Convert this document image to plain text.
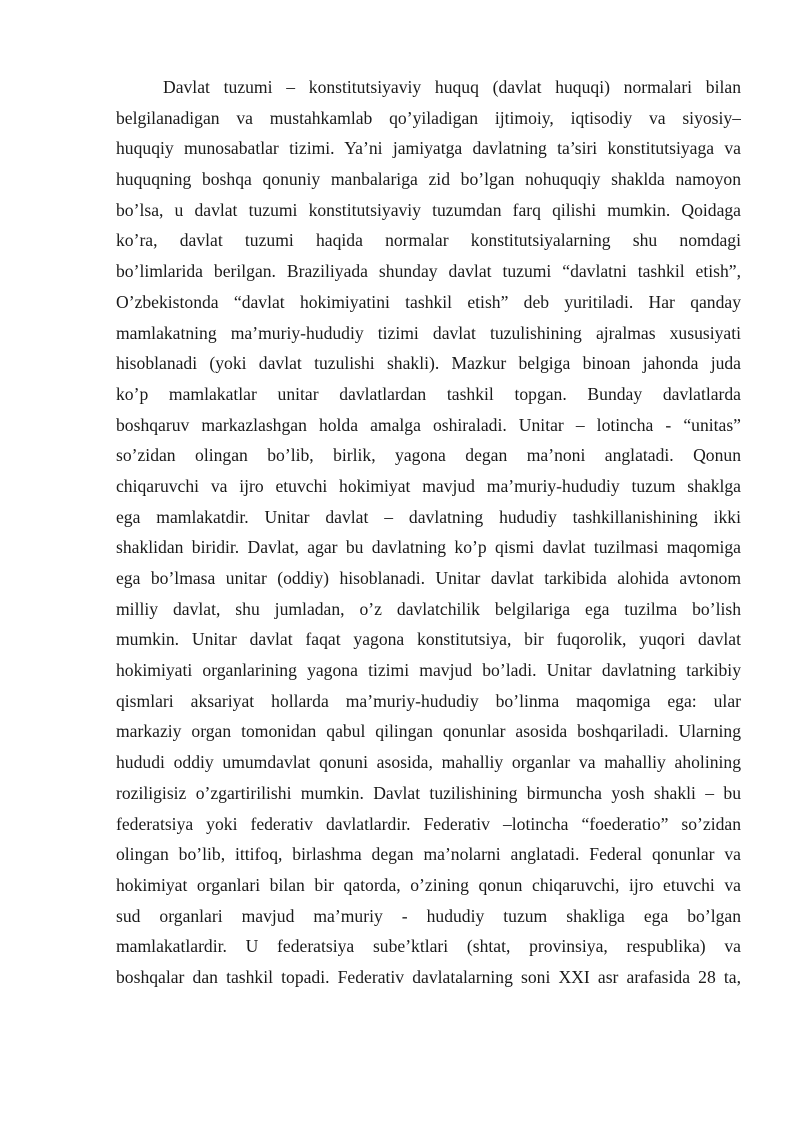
Davlat tuzumi – konstitutsiyaviy huquq (davlat huquqi) normalari bilan
belgilanadigan va mustahkamlab qo’yiladigan ijtimoiy, iqtisodiy va siyosiy–
huquqiy munosabatlar tizimi. Ya’ni jamiyatga davlatning ta’siri konstitutsiyaga va
huquqning boshqa qonuniy manbalariga zid bo’lgan nohuquqiy shaklda namoyon
bo’lsa, u davlat tuzumi konstitutsiyaviy tuzumdan farq qilishi mumkin. Qoidaga
ko’ra, davlat tuzumi haqida normalar konstitutsiyalarning shu nomdagi
bo’limlarida berilgan. Braziliyada shunday davlat tuzumi “davlatni tashkil etish”,
O’zbekistonda “davlat hokimiyatini tashkil etish” deb yuritiladi. Har qanday
mamlakatning ma’muriy-hududiy tizimi davlat tuzulishining ajralmas xususiyati
hisoblanadi (yoki davlat tuzulishi shakli). Mazkur belgiga binoan jahonda juda
ko’p mamlakatlar unitar davlatlardan tashkil topgan. Bunday davlatlarda
boshqaruv markazlashgan holda amalga oshiraladi. Unitar – lotincha - “unitas”
so’zidan olingan bo’lib, birlik, yagona degan ma’noni anglatadi. Qonun
chiqaruvchi va ijro etuvchi hokimiyat mavjud ma’muriy-hududiy tuzum shaklga
ega mamlakatdir. Unitar davlat – davlatning hududiy tashkillanishining ikki
shaklidan biridir. Davlat, agar bu davlatning ko’p qismi davlat tuzilmasi maqomiga
ega bo’lmasa unitar (oddiy) hisoblanadi. Unitar davlat tarkibida alohida avtonom
milliy davlat, shu jumladan, o’z davlatchilik belgilariga ega tuzilma bo’lish
mumkin. Unitar davlat faqat yagona konstitutsiya, bir fuqorolik, yuqori davlat
hokimiyati organlarining yagona tizimi mavjud bo’ladi. Unitar davlatning tarkibiy
qismlari aksariyat hollarda ma’muriy-hududiy bo’linma maqomiga ega: ular
markaziy organ tomonidan qabul qilingan qonunlar asosida boshqariladi. Ularning
hududi oddiy umumdavlat qonuni asosida, mahalliy organlar va mahalliy aholining
roziligisiz o’zgartirilishi mumkin. Davlat tuzilishining birmuncha yosh shakli – bu
federatsiya yoki federativ davlatlardir. Federativ –lotincha “foederatio” so’zidan
olingan bo’lib, ittifoq, birlashma degan ma’nolarni anglatadi. Federal qonunlar va
hokimiyat organlari bilan bir qatorda, o’zining qonun chiqaruvchi, ijro etuvchi va
sud organlari mavjud ma’muriy - hududiy tuzum shakliga ega bo’lgan
mamlakatlardir. U federatsiya sube’ktlari (shtat, provinsiya, respublika) va
boshqalar dan tashkil topadi. Federativ davlatalarning soni XXI asr arafasida 28 ta,
